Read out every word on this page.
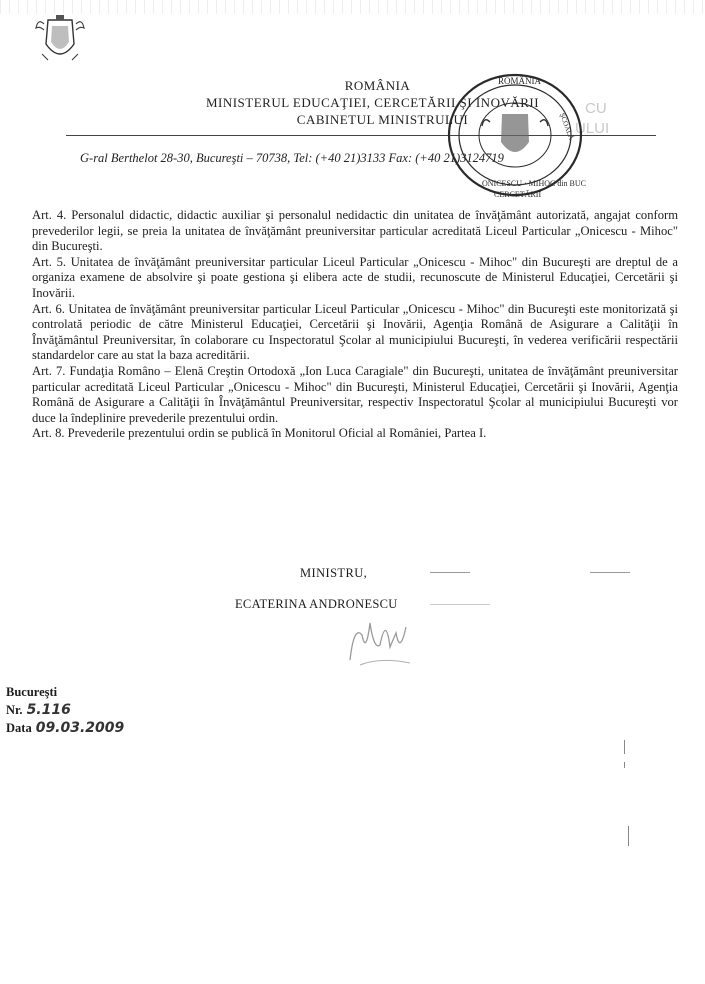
ROMÂNIA
MINISTERUL EDUCAŢIEI, CERCETĂRII ŞI INOVĂRII
CABINETUL MINISTRULUI
CU
ULUI
G-ral Berthelot 28-30, Bucureşti – 70738, Tel: (+40 21)3133 Fax: (+40 21)3124719
ROMÂNIA
ONICESCU · MIHOC din BUC
CERCETĂRII
ŞCOALĂ

Art. 4. Personalul didactic, didactic auxiliar şi personalul nedidactic din unitatea de învăţământ autorizată, angajat conform prevederilor legii, se preia la unitatea de învăţământ preuniversitar particular acreditată Liceul Particular „Onicescu - Mihoc" din Bucureşti.

Art. 5. Unitatea de învăţământ preuniversitar particular Liceul Particular „Onicescu - Mihoc" din Bucureşti are dreptul de a organiza examene de absolvire şi poate gestiona şi elibera acte de studii, recunoscute de Ministerul Educaţiei, Cercetării şi Inovării.

Art. 6. Unitatea de învăţământ preuniversitar particular Liceul Particular „Onicescu - Mihoc" din Bucureşti este monitorizată şi controlată periodic de către Ministerul Educaţiei, Cercetării şi Inovării, Agenţia Română de Asigurare a Calităţii în Învăţământul Preuniversitar, în colaborare cu Inspectoratul Şcolar al municipiului Bucureşti, în vederea verificării respectării standardelor care au stat la baza acreditării.

Art. 7. Fundaţia Româno – Elenă Creştin Ortodoxă „Ion Luca Caragiale" din Bucureşti, unitatea de învăţământ preuniversitar particular acreditată Liceul Particular „Onicescu - Mihoc" din Bucureşti, Ministerul Educaţiei, Cercetării şi Inovării, Agenţia Română de Asigurare a Calităţii în Învăţământul Preuniversitar, respectiv Inspectoratul Şcolar al municipiului Bucureşti vor duce la îndeplinire prevederile prezentului ordin.

Art. 8. Prevederile prezentului ordin se publică în Monitorul Oficial al României, Partea I.

MINISTRU,
ECATERINA ANDRONESCU
Bucureşti
Nr. 5.116
Data 09.03.2009
